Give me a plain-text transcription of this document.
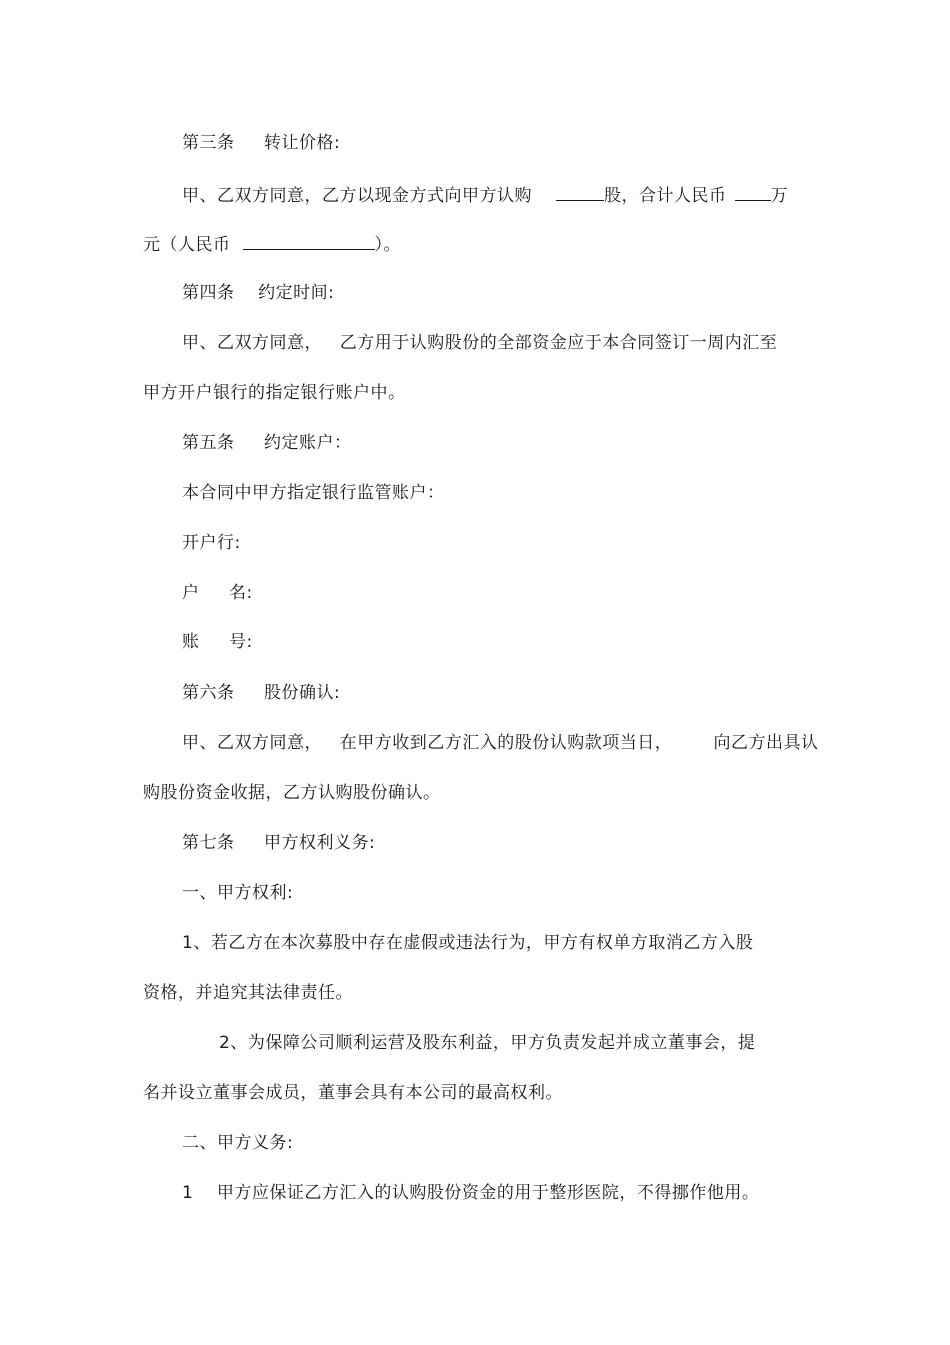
第三条     转让价格:
甲、乙双方同意，乙方以现金方式向甲方认购	股，合计人民币	万
元（人民币	）。
第四条    约定时间:
甲、乙双方同意，   乙方用于认购股份的全部资金应于本合同签订一周内汇至
甲方开户银行的指定银行账户中。
第五条     约定账户：
本合同中甲方指定银行监管账户：
开户行:
户     名:
账     号:
第六条     股份确认:
甲、乙双方同意，   在甲方收到乙方汇入的股份认购款项当日，       向乙方出具认
购股份资金收据，乙方认购股份确认。
第七条     甲方权利义务:
一、甲方权利:
1、若乙方在本次募股中存在虚假或违法行为，甲方有权单方取消乙方入股
资格，并追究其法律责任。
2、为保障公司顺利运营及股东利益，甲方负责发起并成立董事会，提
名并设立董事会成员，董事会具有本公司的最高权利。
二、甲方义务:
1    甲方应保证乙方汇入的认购股份资金的用于整形医院，不得挪作他用。
